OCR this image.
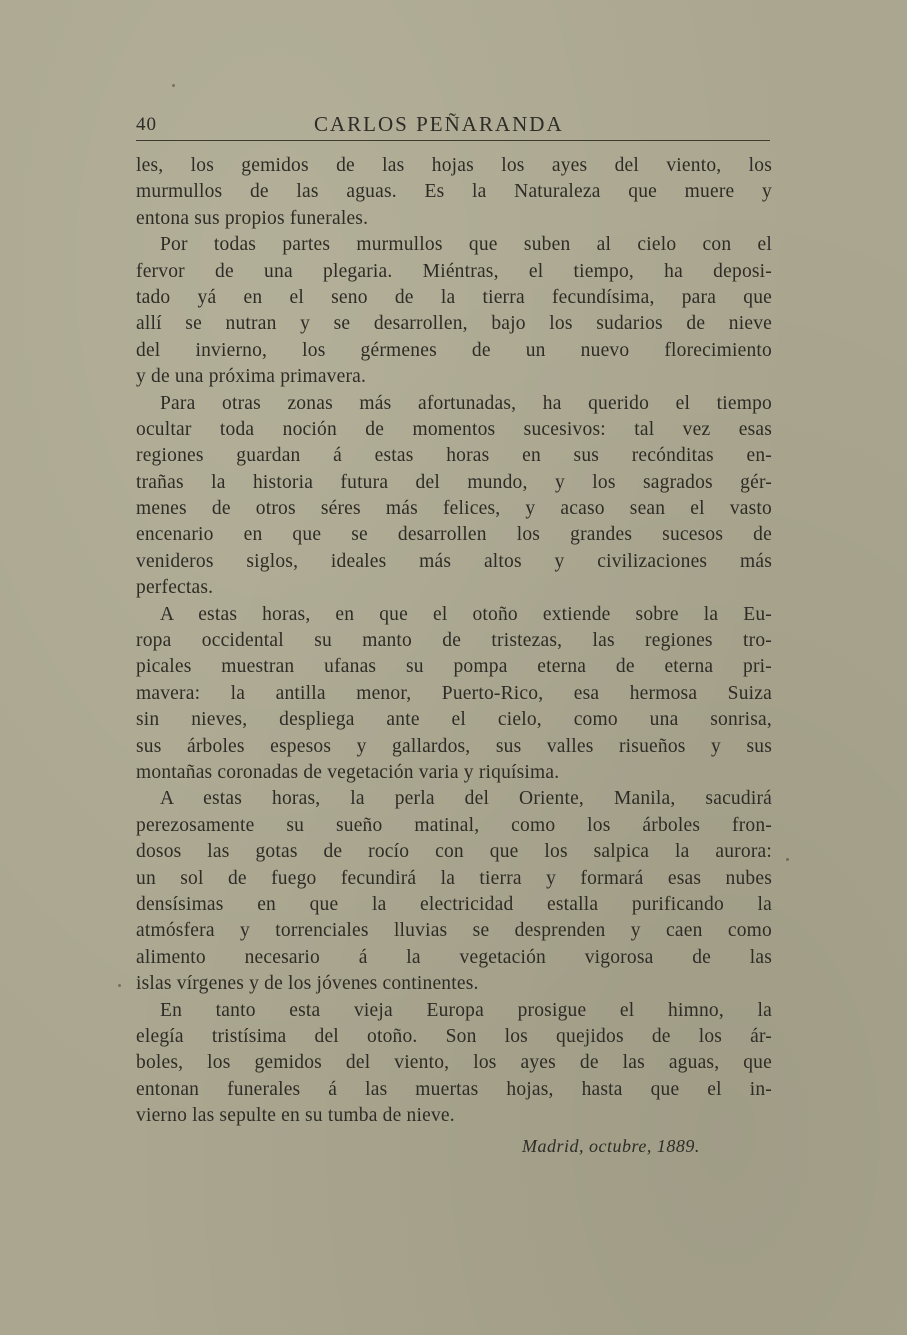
40	CARLOS PEÑARANDA
les, los gemidos de las hojas los ayes del viento, los
murmullos de las aguas. Es la Naturaleza que muere y
entona sus propios funerales.
Por todas partes murmullos que suben al cielo con el
fervor de una plegaria. Miéntras, el tiempo, ha deposi-
tado yá en el seno de la tierra fecundísima, para que
allí se nutran y se desarrollen, bajo los sudarios de nieve
del invierno, los gérmenes de un nuevo florecimiento
y de una próxima primavera.
Para otras zonas más afortunadas, ha querido el tiempo
ocultar toda noción de momentos sucesivos: tal vez esas
regiones guardan á estas horas en sus recónditas en-
trañas la historia futura del mundo, y los sagrados gér-
menes de otros séres más felices, y acaso sean el vasto
encenario en que se desarrollen los grandes sucesos de
venideros siglos, ideales más altos y civilizaciones más
perfectas.
A estas horas, en que el otoño extiende sobre la Eu-
ropa occidental su manto de tristezas, las regiones tro-
picales muestran ufanas su pompa eterna de eterna pri-
mavera: la antilla menor, Puerto-Rico, esa hermosa Suiza
sin nieves, despliega ante el cielo, como una sonrisa,
sus árboles espesos y gallardos, sus valles risueños y sus
montañas coronadas de vegetación varia y riquísima.
A estas horas, la perla del Oriente, Manila, sacudirá
perezosamente su sueño matinal, como los árboles fron-
dosos las gotas de rocío con que los salpica la aurora:
un sol de fuego fecundirá la tierra y formará esas nubes
densísimas en que la electricidad estalla purificando la
atmósfera y torrenciales lluvias se desprenden y caen como
alimento necesario á la vegetación vigorosa de las
islas vírgenes y de los jóvenes continentes.
En tanto esta vieja Europa prosigue el himno, la
elegía tristísima del otoño. Son los quejidos de los ár-
boles, los gemidos del viento, los ayes de las aguas, que
entonan funerales á las muertas hojas, hasta que el in-
vierno las sepulte en su tumba de nieve.
Madrid, octubre, 1889.
